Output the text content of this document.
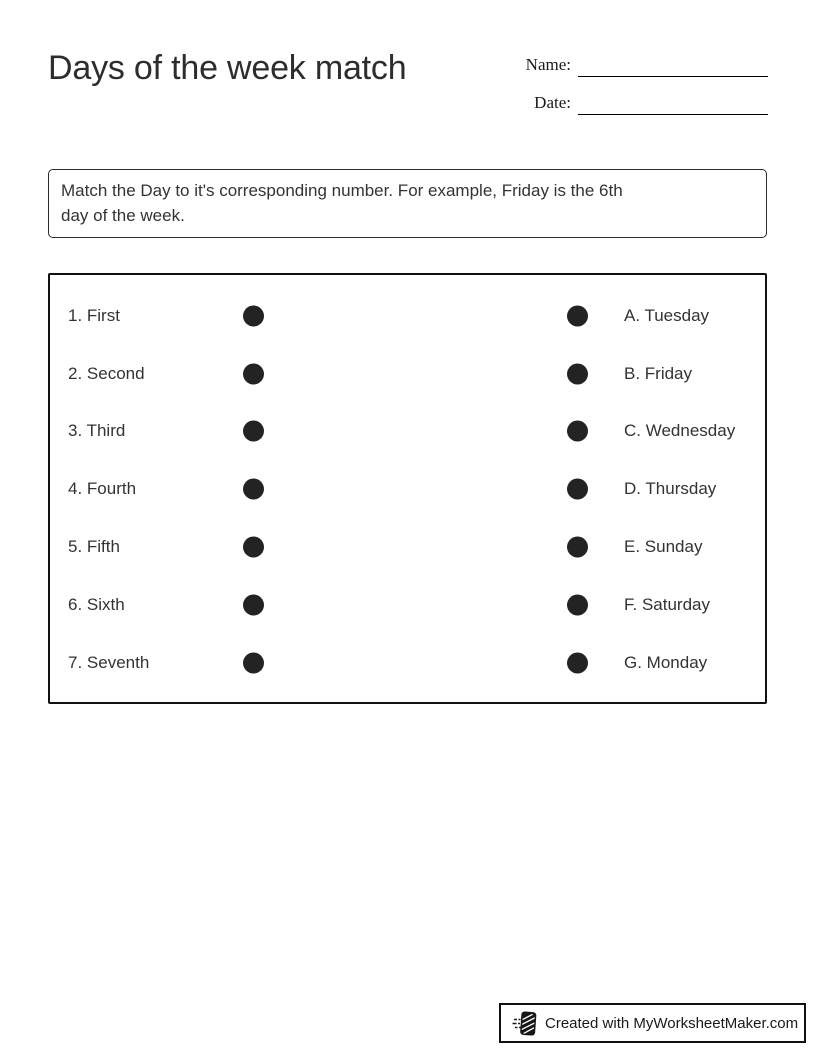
Days of the week match	Name:
Date:
Match the Day to it's corresponding number. For example, Friday is the 6th
day of the week.
1. First	A. Tuesday
2. Second	B. Friday
3. Third	C. Wednesday
4. Fourth	D. Thursday
5. Fifth	E. Sunday
6. Sixth	F. Saturday
7. Seventh	G. Monday
Created with MyWorksheetMaker.com
